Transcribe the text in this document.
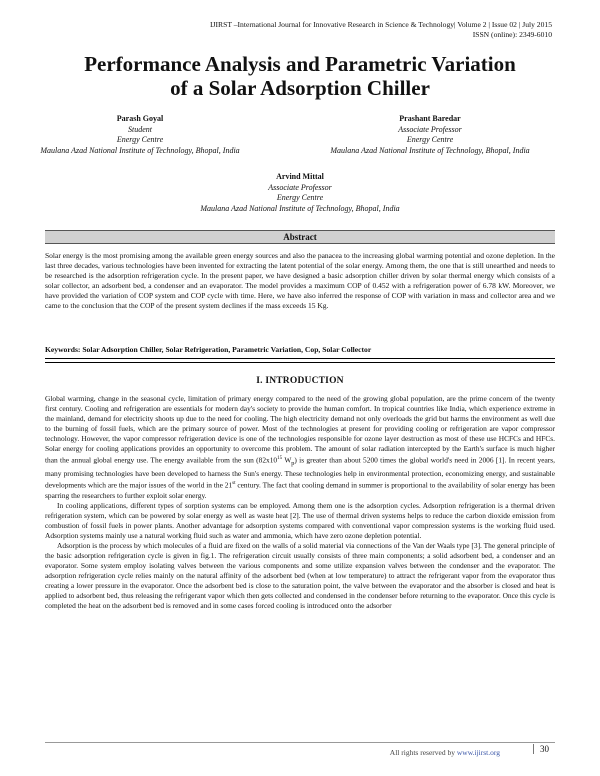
IJIRST –International Journal for Innovative Research in Science & Technology| Volume 2 | Issue 02 | July 2015
ISSN (online): 2349-6010
Performance Analysis and Parametric Variation
of a Solar Adsorption Chiller
Parash Goyal
Student
Energy Centre
Maulana Azad National Institute of Technology, Bhopal, India
Prashant Baredar
Associate Professor
Energy Centre
Maulana Azad National Institute of Technology, Bhopal, India
Arvind Mittal
Associate Professor
Energy Centre
Maulana Azad National Institute of Technology, Bhopal, India
Abstract
Solar energy is the most promising among the available green energy sources and also the panacea to the increasing global warming potential and ozone depletion. In the last three decades, various technologies have been invented for extracting the latent potential of the solar energy. Among them, the one that is still unearthed and needs to be researched is the adsorption refrigeration cycle. In the present paper, we have designed a basic adsorption chiller driven by solar thermal energy which consists of a solar collector, an adsorbent bed, a condenser and an evaporator. The model provides a maximum COP of 0.452 with a refrigeration power of 6.78 kW. Moreover, we have provided the variation of COP system and COP cycle with time. Here, we have also inferred the response of COP with variation in mass and collector area and we came to the conclusion that the COP of the present system declines if the mass exceeds 15 Kg.
Keywords: Solar Adsorption Chiller, Solar Refrigeration, Parametric Variation, Cop, Solar Collector
I. INTRODUCTION

Global warming, change in the seasonal cycle, limitation of primary energy compared to the need of the growing global population, are the prime concern of the twenty first century. Cooling and refrigeration are essentials for modern day's society to provide the human comfort. In tropical countries like India, which experience extreme in the mainland, demand for electricity shoots up due to the need for cooling. The high electricity demand not only overloads the grid but harms the environment as well due to the burning of fossil fuels, which are the primary source of power. Most of the technologies at present for providing cooling or refrigeration are vapor compressor technology. However, the vapor compressor refrigeration device is one of the technologies responsible for ozone layer destruction as most of these use HCFCs and HFCs. Solar energy for cooling applications provides an opportunity to overcome this problem. The amount of solar radiation intercepted by the Earth's surface is much higher than the annual global energy use. The energy available from the sun ($82x10^{15}$ $W_p$) is greater than about 5200 times the global world's need in 2006 [1]. In recent years, many promising technologies have been developed to harness the Sun's energy. These technologies help in environmental protection, economizing energy, and sustainable developments which are the major issues of the world in the 21st century. The fact that cooling demand in summer is proportional to the availability of solar energy has been sparring the researchers to further exploit solar energy.

In cooling applications, different types of sorption systems can be employed. Among them one is the adsorption cycles. Adsorption refrigeration is a thermal driven refrigeration system, which can be powered by solar energy as well as waste heat [2]. The use of thermal driven systems helps to reduce the carbon dioxide emission from combustion of fossil fuels in power plants. Another advantage for adsorption systems compared with conventional vapor compression systems is the working fluid used. Adsorption systems mainly use a natural working fluid such as water and ammonia, which have zero ozone depletion potential.

Adsorption is the process by which molecules of a fluid are fixed on the walls of a solid material via connections of the Van der Waals type [3]. The general principle of the basic adsorption refrigeration cycle is given in fig.1. The refrigeration circuit usually consists of three main components; a solid adsorbent bed, a condenser and an evaporator. Some system employ isolating valves between the various components and some utilize expansion valves between the condenser and the evaporator. The adsorption refrigeration cycle relies mainly on the natural affinity of the adsorbent bed (when at low temperature) to attract the refrigerant vapor from the evaporator thus creating a lower pressure in the evaporator. Once the adsorbent bed is close to the saturation point, the valve between the evaporator and the absorber is closed and heat is applied to adsorbent bed, thus releasing the refrigerant vapor which then gets collected and condensed in the condenser before returning to the evaporator. Once this cycle is completed the heat on the adsorbent bed is removed and in some cases forced cooling is introduced onto the adsorber

All rights reserved by www.ijirst.org	30
